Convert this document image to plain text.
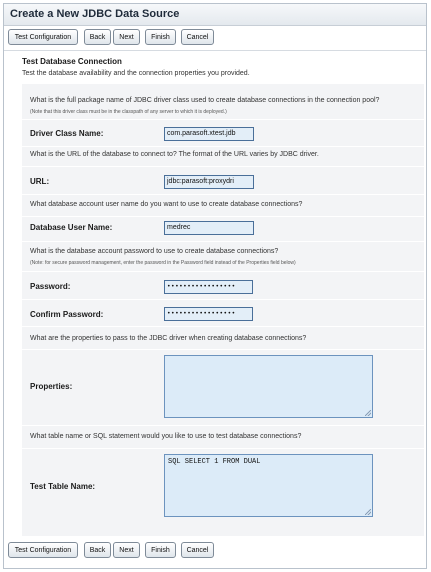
Create a New JDBC Data Source
Test Configuration	Back	Next	Finish	Cancel
Test Database Connection
Test the database availability and the connection properties you provided.
What is the full package name of JDBC driver class used to create database connections in the connection pool?
(Note that this driver class must be in the classpath of any server to which it is deployed.)
Driver Class Name:	com.parasoft.xtest.jdb
What is the URL of the database to connect to? The format of the URL varies by JDBC driver.
URL:	jdbc:parasoft:proxydri
What database account user name do you want to use to create database connections?
Database User Name:	medrec
What is the database account password to use to create database connections?
(Note: for secure password management, enter the password in the Password field instead of the Properties field below)
Password:	•••••••••••••••••
Confirm Password:	•••••••••••••••••
What are the properties to pass to the JDBC driver when creating database connections?
Properties:
What table name or SQL statement would you like to use to test database connections?
Test Table Name:
SQL SELECT 1 FROM DUAL
Test Configuration	Back	Next	Finish	Cancel
